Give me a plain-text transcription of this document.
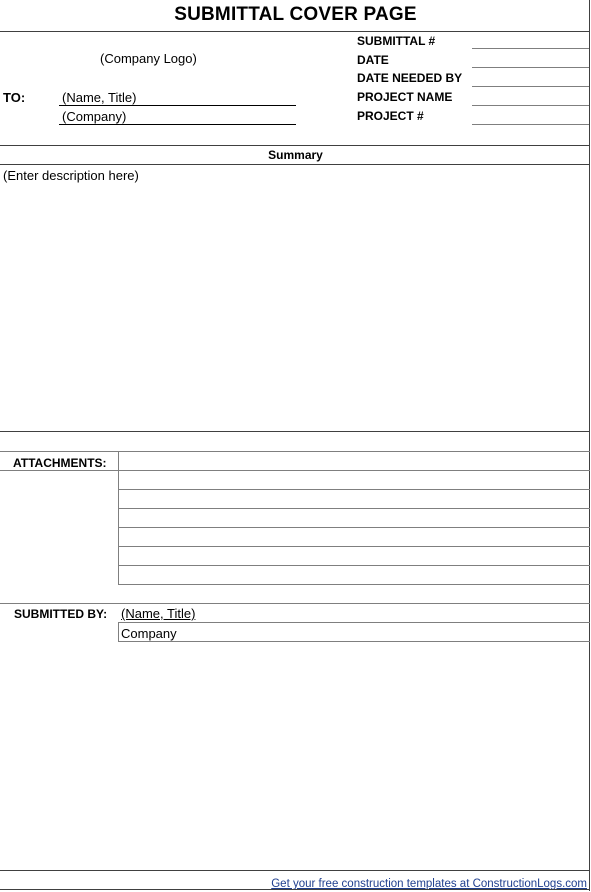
SUBMITTAL COVER PAGE
(Company Logo)
TO:	(Name, Title)
(Company)
SUBMITTAL #
DATE
DATE NEEDED BY
PROJECT NAME
PROJECT #
Summary
(Enter description here)
ATTACHMENTS:
SUBMITTED BY: (Name, Title)
Company
Get your free construction templates at ConstructionLogs.com
